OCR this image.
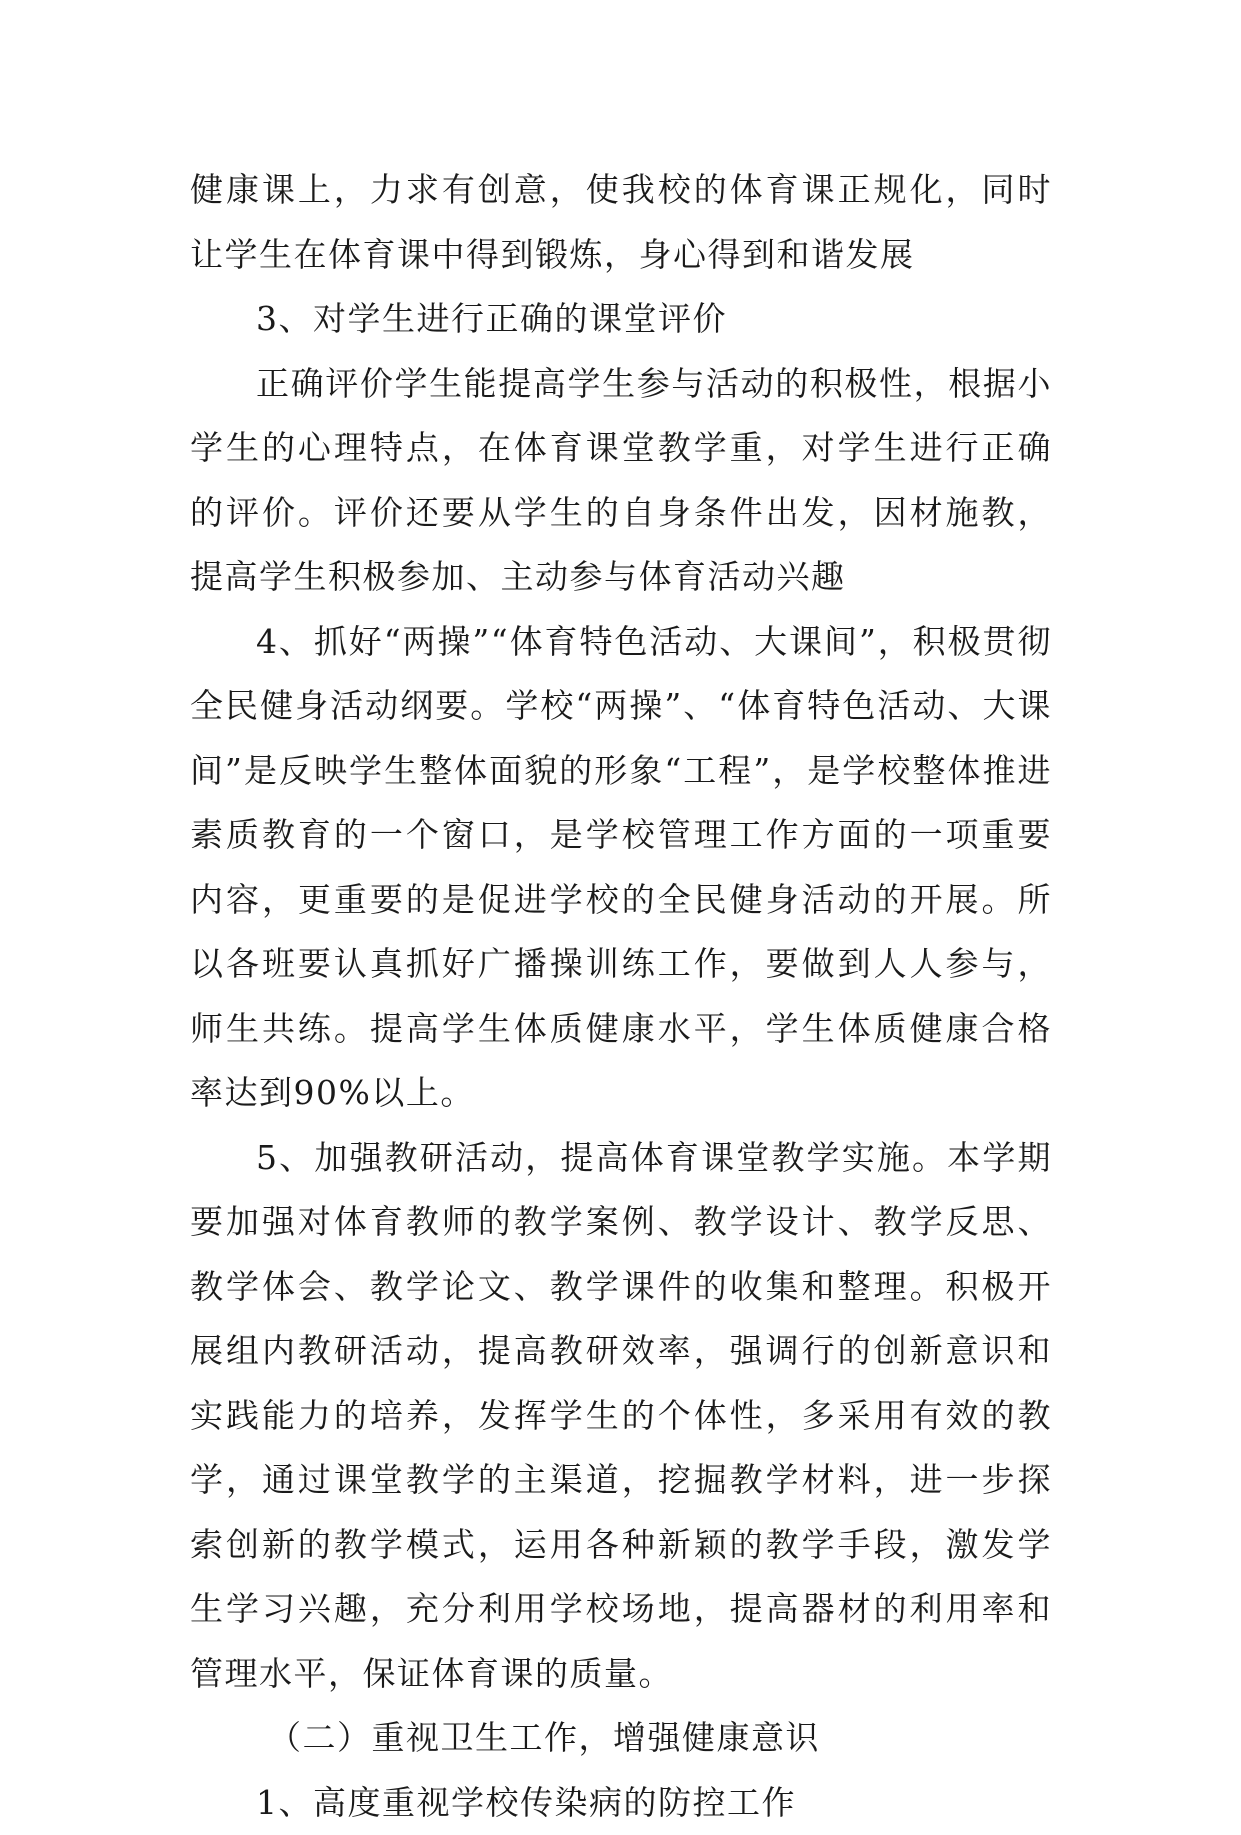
健康课上，力求有创意，使我校的体育课正规化，同时让学生在体育课中得到锻炼，身心得到和谐发展

3、对学生进行正确的课堂评价

正确评价学生能提高学生参与活动的积极性，根据小学生的心理特点，在体育课堂教学重，对学生进行正确的评价。评价还要从学生的自身条件出发，因材施教，提高学生积极参加、主动参与体育活动兴趣

4、抓好“两操”“体育特色活动、大课间”，积极贯彻全民健身活动纲要。学校“两操”、“体育特色活动、大课间”是反映学生整体面貌的形象“工程”，是学校整体推进素质教育的一个窗口，是学校管理工作方面的一项重要内容，更重要的是促进学校的全民健身活动的开展。所以各班要认真抓好广播操训练工作，要做到人人参与，师生共练。提高学生体质健康水平，学生体质健康合格率达到90%以上。

5、加强教研活动，提高体育课堂教学实施。本学期要加强对体育教师的教学案例、教学设计、教学反思、教学体会、教学论文、教学课件的收集和整理。积极开展组内教研活动，提高教研效率，强调行的创新意识和实践能力的培养，发挥学生的个体性，多采用有效的教学，通过课堂教学的主渠道，挖掘教学材料，进一步探索创新的教学模式，运用各种新颖的教学手段，激发学生学习兴趣，充分利用学校场地，提高器材的利用率和管理水平，保证体育课的质量。

（二）重视卫生工作，增强健康意识

1、高度重视学校传染病的防控工作
